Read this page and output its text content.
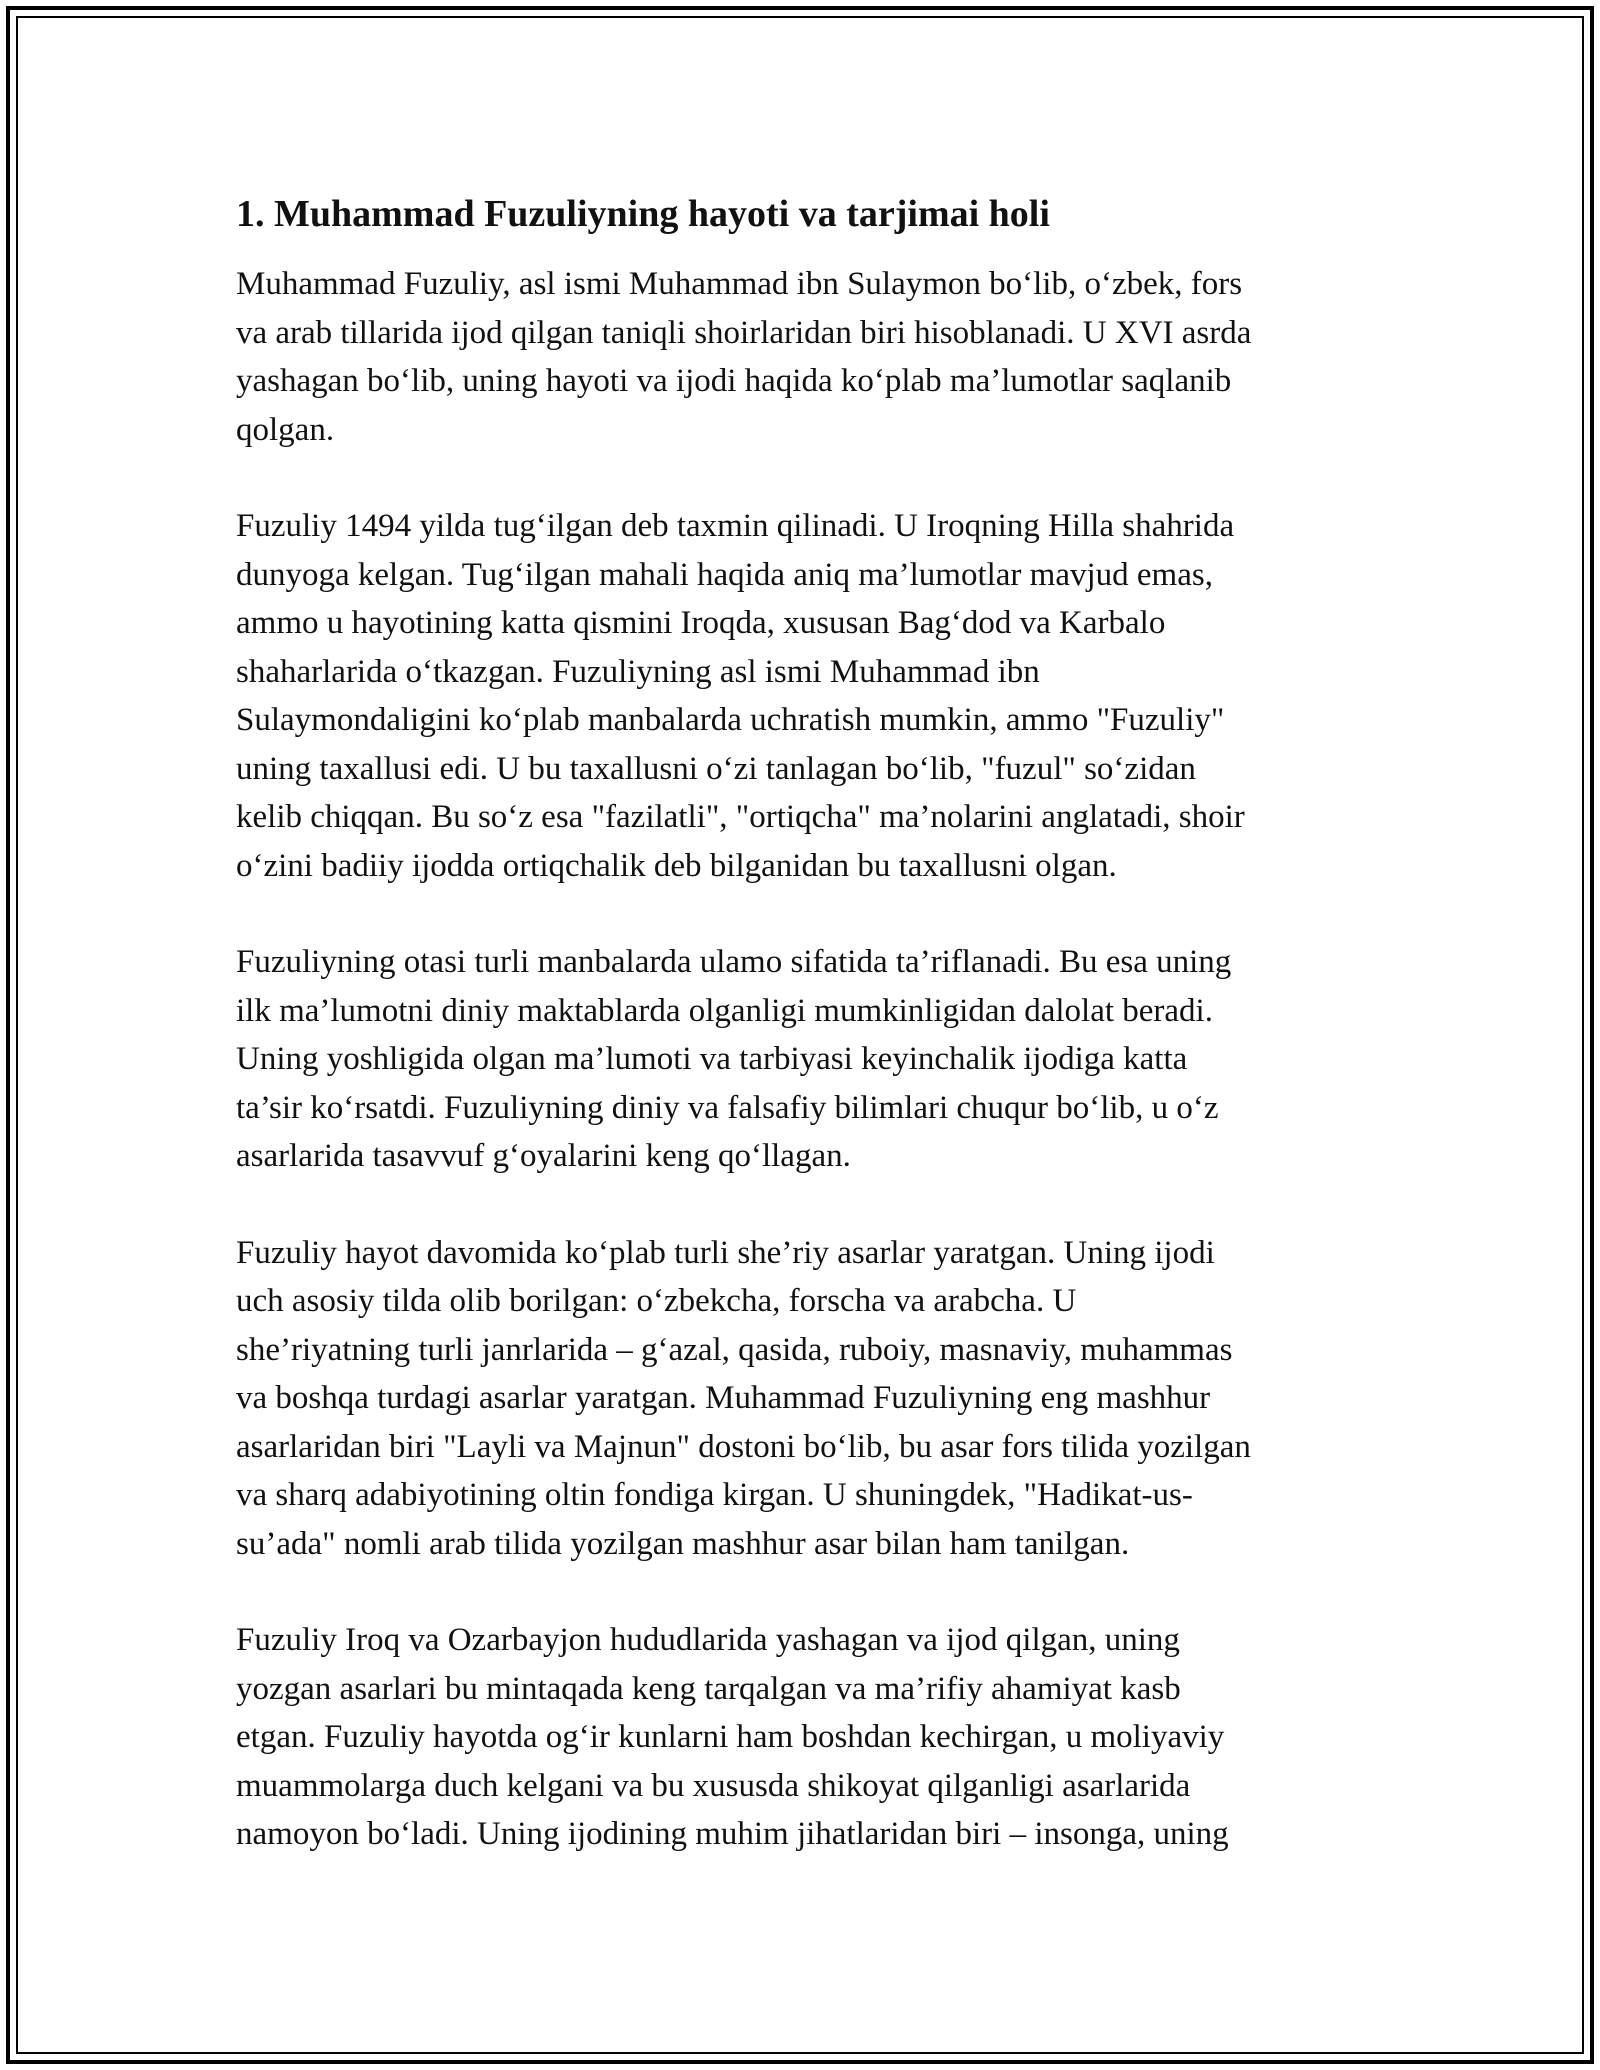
1. Muhammad Fuzuliyning hayoti va tarjimai holi

Muhammad Fuzuliy, asl ismi Muhammad ibn Sulaymon bo‘lib, o‘zbek, fors
va arab tillarida ijod qilgan taniqli shoirlaridan biri hisoblanadi. U XVI asrda
yashagan bo‘lib, uning hayoti va ijodi haqida ko‘plab ma’lumotlar saqlanib
qolgan.

Fuzuliy 1494 yilda tug‘ilgan deb taxmin qilinadi. U Iroqning Hilla shahrida
dunyoga kelgan. Tug‘ilgan mahali haqida aniq ma’lumotlar mavjud emas,
ammo u hayotining katta qismini Iroqda, xususan Bag‘dod va Karbalo
shaharlarida o‘tkazgan. Fuzuliyning asl ismi Muhammad ibn
Sulaymondaligini ko‘plab manbalarda uchratish mumkin, ammo "Fuzuliy"
uning taxallusi edi. U bu taxallusni o‘zi tanlagan bo‘lib, "fuzul" so‘zidan
kelib chiqqan. Bu so‘z esa "fazilatli", "ortiqcha" ma’nolarini anglatadi, shoir
o‘zini badiiy ijodda ortiqchalik deb bilganidan bu taxallusni olgan.

Fuzuliyning otasi turli manbalarda ulamo sifatida ta’riflanadi. Bu esa uning
ilk ma’lumotni diniy maktablarda olganligi mumkinligidan dalolat beradi.
Uning yoshligida olgan ma’lumoti va tarbiyasi keyinchalik ijodiga katta
ta’sir ko‘rsatdi. Fuzuliyning diniy va falsafiy bilimlari chuqur bo‘lib, u o‘z
asarlarida tasavvuf g‘oyalarini keng qo‘llagan.

Fuzuliy hayot davomida ko‘plab turli she’riy asarlar yaratgan. Uning ijodi
uch asosiy tilda olib borilgan: o‘zbekcha, forscha va arabcha. U
she’riyatning turli janrlarida – g‘azal, qasida, ruboiy, masnaviy, muhammas
va boshqa turdagi asarlar yaratgan. Muhammad Fuzuliyning eng mashhur
asarlaridan biri "Layli va Majnun" dostoni bo‘lib, bu asar fors tilida yozilgan
va sharq adabiyotining oltin fondiga kirgan. U shuningdek, "Hadikat-us-
su’ada" nomli arab tilida yozilgan mashhur asar bilan ham tanilgan.

Fuzuliy Iroq va Ozarbayjon hududlarida yashagan va ijod qilgan, uning
yozgan asarlari bu mintaqada keng tarqalgan va ma’rifiy ahamiyat kasb
etgan. Fuzuliy hayotda og‘ir kunlarni ham boshdan kechirgan, u moliyaviy
muammolarga duch kelgani va bu xususda shikoyat qilganligi asarlarida
namoyon bo‘ladi. Uning ijodining muhim jihatlaridan biri – insonga, uning
